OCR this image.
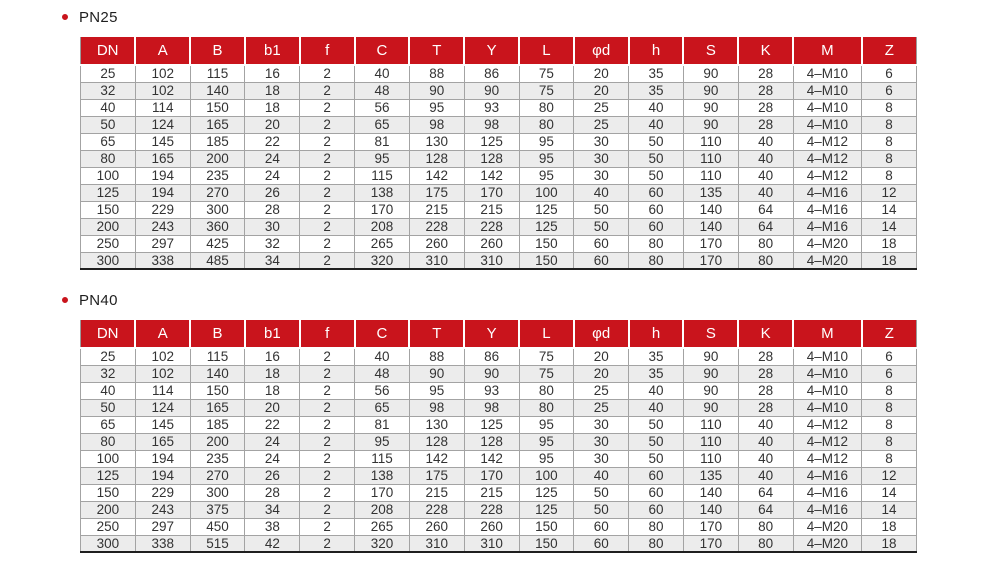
PN25
DN	A	B	b1	f	C	T	Y	L	φd	h	S	K	M	Z
25	102	115	16	2	40	88	86	75	20	35	90	28	4–M10	6
32	102	140	18	2	48	90	90	75	20	35	90	28	4–M10	6
40	114	150	18	2	56	95	93	80	25	40	90	28	4–M10	8
50	124	165	20	2	65	98	98	80	25	40	90	28	4–M10	8
65	145	185	22	2	81	130	125	95	30	50	110	40	4–M12	8
80	165	200	24	2	95	128	128	95	30	50	110	40	4–M12	8
100	194	235	24	2	115	142	142	95	30	50	110	40	4–M12	8
125	194	270	26	2	138	175	170	100	40	60	135	40	4–M16	12
150	229	300	28	2	170	215	215	125	50	60	140	64	4–M16	14
200	243	360	30	2	208	228	228	125	50	60	140	64	4–M16	14
250	297	425	32	2	265	260	260	150	60	80	170	80	4–M20	18
300	338	485	34	2	320	310	310	150	60	80	170	80	4–M20	18
PN40
DN	A	B	b1	f	C	T	Y	L	φd	h	S	K	M	Z
25	102	115	16	2	40	88	86	75	20	35	90	28	4–M10	6
32	102	140	18	2	48	90	90	75	20	35	90	28	4–M10	6
40	114	150	18	2	56	95	93	80	25	40	90	28	4–M10	8
50	124	165	20	2	65	98	98	80	25	40	90	28	4–M10	8
65	145	185	22	2	81	130	125	95	30	50	110	40	4–M12	8
80	165	200	24	2	95	128	128	95	30	50	110	40	4–M12	8
100	194	235	24	2	115	142	142	95	30	50	110	40	4–M12	8
125	194	270	26	2	138	175	170	100	40	60	135	40	4–M16	12
150	229	300	28	2	170	215	215	125	50	60	140	64	4–M16	14
200	243	375	34	2	208	228	228	125	50	60	140	64	4–M16	14
250	297	450	38	2	265	260	260	150	60	80	170	80	4–M20	18
300	338	515	42	2	320	310	310	150	60	80	170	80	4–M20	18
